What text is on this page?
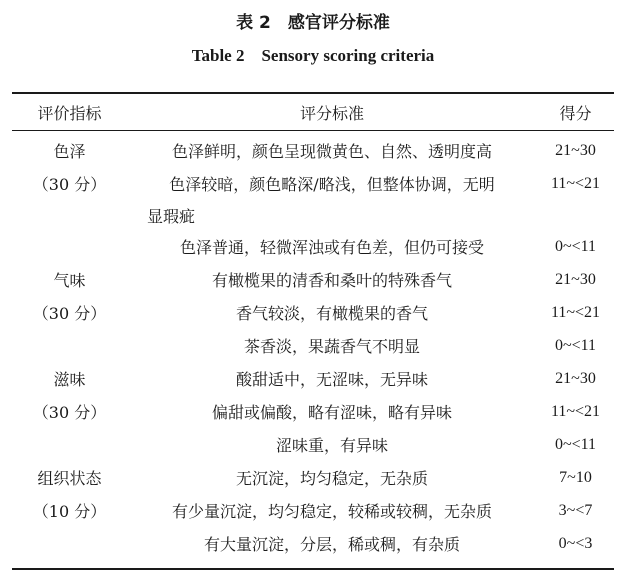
表 2　感官评分标准
Table 2　Sensory scoring criteria
评价指标	评分标准	得分
色泽	色泽鲜明，颜色呈现微黄色、自然、透明度高	21~30
（30 分）	色泽较暗，颜色略深/略浅，但整体协调，无明	11~<21
	显瑕疵	
	色泽普通，轻微浑浊或有色差，但仍可接受	0~<11
气味	有橄榄果的清香和桑叶的特殊香气	21~30
（30 分）	香气较淡，有橄榄果的香气	11~<21
	茶香淡，果蔬香气不明显	0~<11
滋味	酸甜适中，无涩味，无异味	21~30
（30 分）	偏甜或偏酸，略有涩味，略有异味	11~<21
	涩味重，有异味	0~<11
组织状态	无沉淀，均匀稳定，无杂质	7~10
（10 分）	有少量沉淀，均匀稳定，较稀或较稠，无杂质	3~<7
	有大量沉淀，分层，稀或稠，有杂质	0~<3
